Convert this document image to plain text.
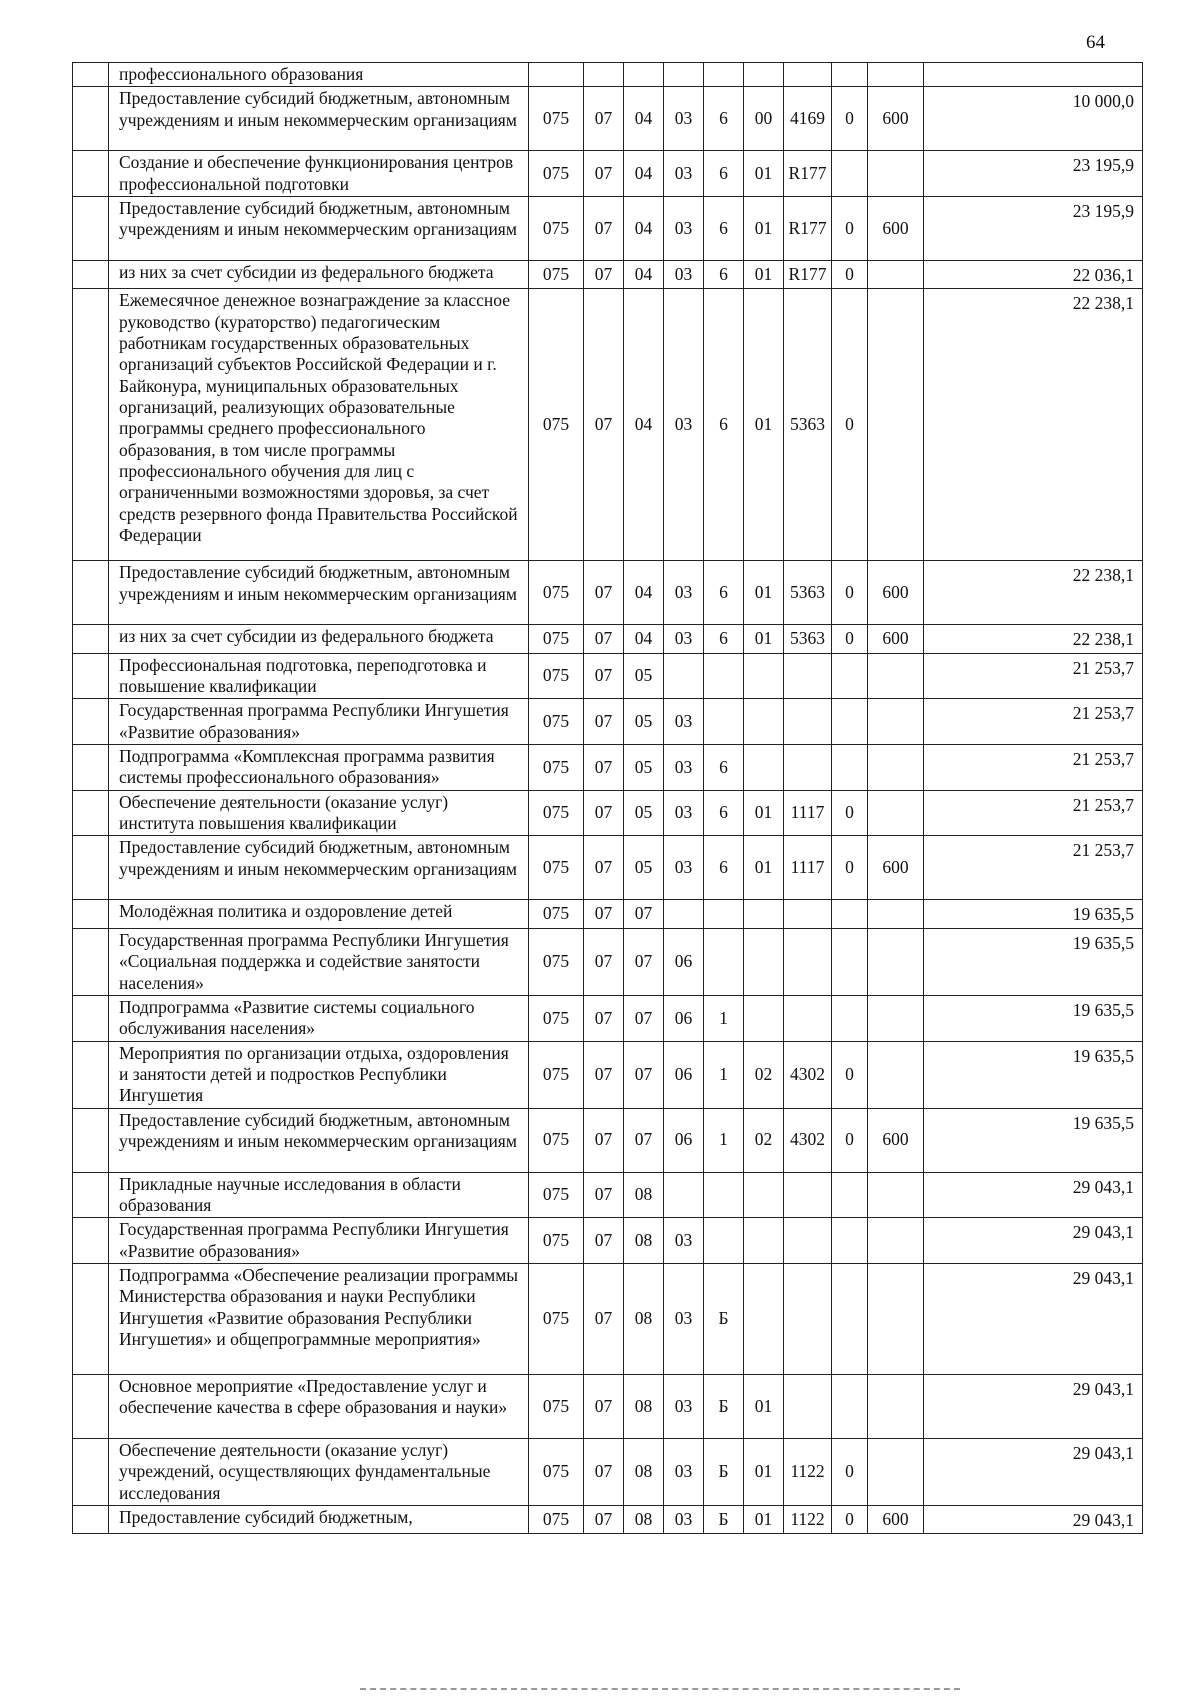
64
	профессионального образования										
	Предоставление субсидий бюджетным, автономным учреждениям и иным некоммерческим организациям	075	07	04	03	6	00	4169	0	600	10 000,0
	Создание и обеспечение функционирования центров профессиональной подготовки	075	07	04	03	6	01	R177			23 195,9
	Предоставление субсидий бюджетным, автономным учреждениям и иным некоммерческим организациям	075	07	04	03	6	01	R177	0	600	23 195,9
	из них за счет субсидии из федерального бюджета	075	07	04	03	6	01	R177	0		22 036,1
	Ежемесячное денежное вознаграждение за классное руководство (кураторство) педагогическим работникам государственных образовательных организаций субъектов Российской Федерации и г. Байконура, муниципальных образовательных организаций, реализующих образовательные программы среднего профессионального образования, в том числе программы профессионального обучения для лиц с ограниченными возможностями здоровья, за счет средств резервного фонда Правительства Российской Федерации	075	07	04	03	6	01	5363	0		22 238,1
	Предоставление субсидий бюджетным, автономным учреждениям и иным некоммерческим организациям	075	07	04	03	6	01	5363	0	600	22 238,1
	из них за счет субсидии из федерального бюджета	075	07	04	03	6	01	5363	0	600	22 238,1
	Профессиональная подготовка, переподготовка и повышение квалификации	075	07	05							21 253,7
	Государственная программа Республики Ингушетия «Развитие образования»	075	07	05	03						21 253,7
	Подпрограмма «Комплексная программа развития системы профессионального образования»	075	07	05	03	6					21 253,7
	Обеспечение деятельности (оказание услуг) института повышения квалификации	075	07	05	03	6	01	1117	0		21 253,7
	Предоставление субсидий бюджетным, автономным учреждениям и иным некоммерческим организациям	075	07	05	03	6	01	1117	0	600	21 253,7
	Молодёжная политика и оздоровление детей	075	07	07							19 635,5
	Государственная программа Республики Ингушетия «Социальная поддержка и содействие занятости населения»	075	07	07	06						19 635,5
	Подпрограмма «Развитие системы социального обслуживания населения»	075	07	07	06	1					19 635,5
	Мероприятия по организации отдыха, оздоровления и занятости детей и подростков Республики Ингушетия	075	07	07	06	1	02	4302	0		19 635,5
	Предоставление субсидий бюджетным, автономным учреждениям и иным некоммерческим организациям	075	07	07	06	1	02	4302	0	600	19 635,5
	Прикладные научные исследования в области образования	075	07	08							29 043,1
	Государственная программа Республики Ингушетия «Развитие образования»	075	07	08	03						29 043,1
	Подпрограмма «Обеспечение реализации программы Министерства образования и науки Республики Ингушетия «Развитие образования Республики Ингушетия» и общепрограммные мероприятия»	075	07	08	03	Б					29 043,1
	Основное мероприятие «Предоставление услуг и обеспечение качества в сфере образования и науки»	075	07	08	03	Б	01				29 043,1
	Обеспечение деятельности (оказание услуг) учреждений, осуществляющих фундаментальные исследования	075	07	08	03	Б	01	1122	0		29 043,1
	Предоставление субсидий бюджетным,	075	07	08	03	Б	01	1122	0	600	29 043,1
